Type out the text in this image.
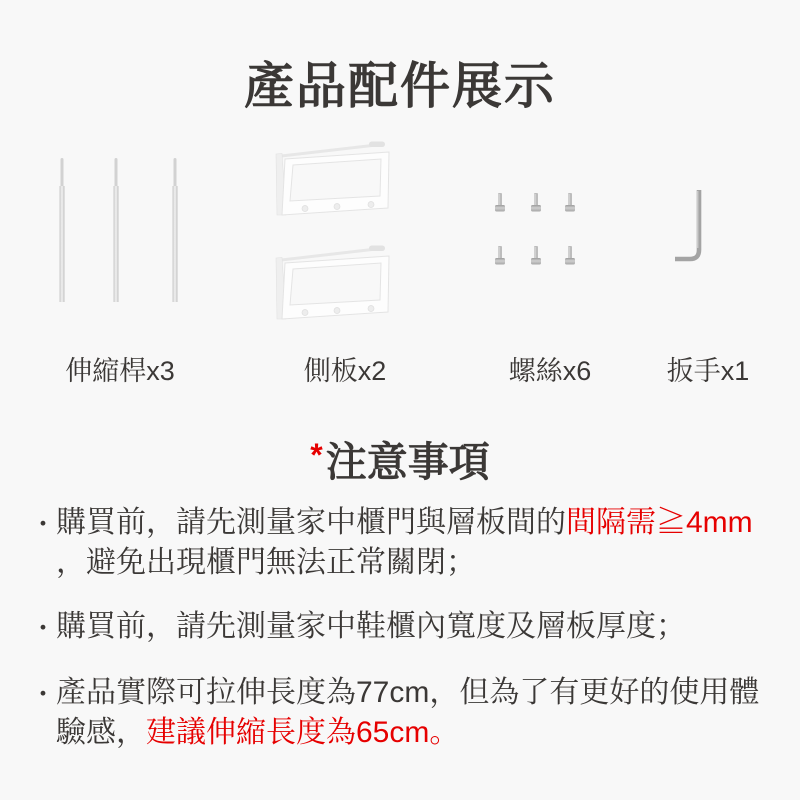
產品配件展示
伸縮桿x3	側板x2	螺絲x6	扳手x1
*注意事項
・ 購買前，請先測量家中櫃門與層板間的間隔需≧4mm
，避免出現櫃門無法正常關閉；
・ 購買前，請先測量家中鞋櫃內寬度及層板厚度；
・ 產品實際可拉伸長度為77cm，但為了有更好的使用體
驗感，建議伸縮長度為65cm。
